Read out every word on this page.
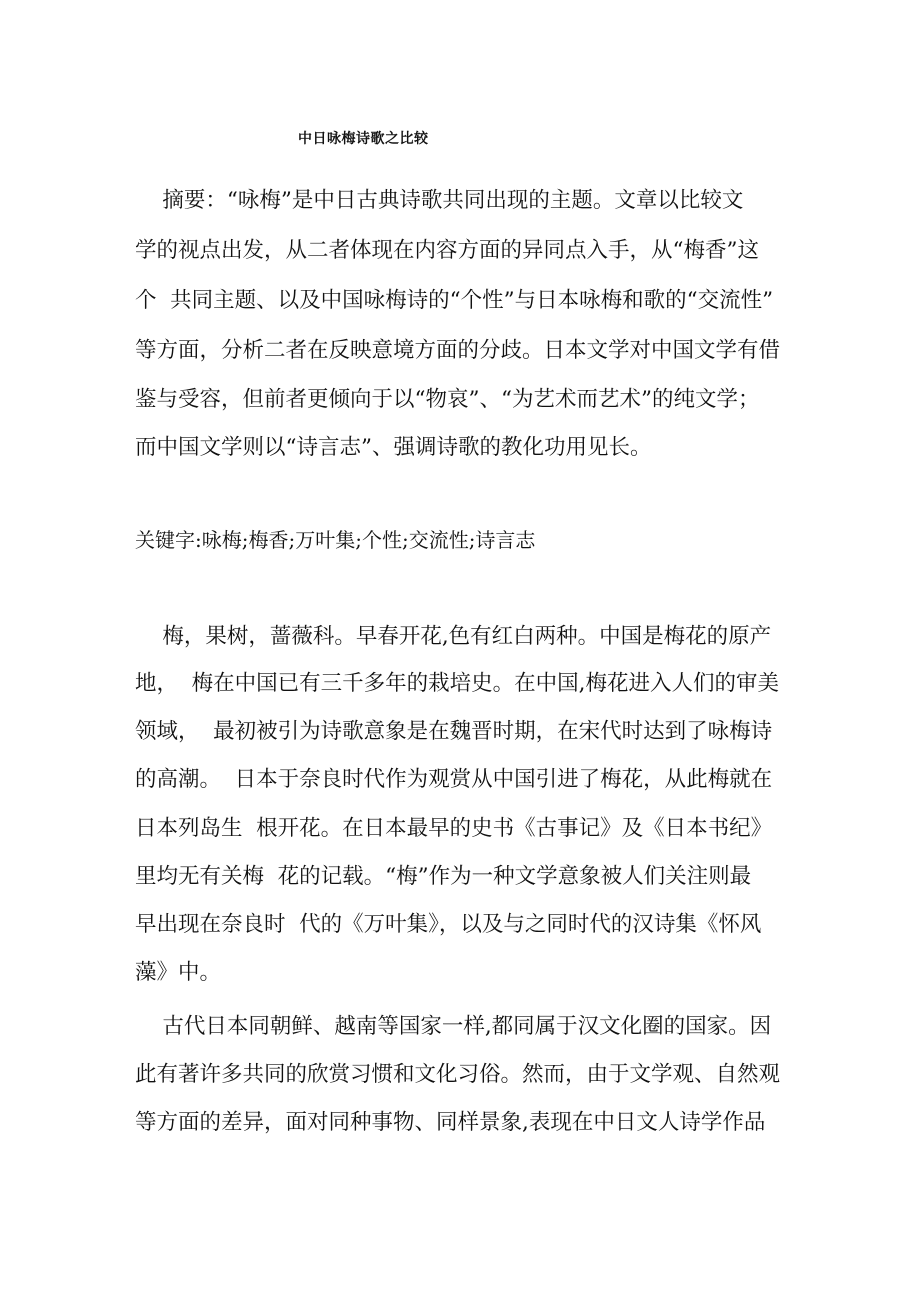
中日咏梅诗歌之比较
摘要：“咏梅”是中日古典诗歌共同出现的主题。文章以比较文
学的视点出发，从二者体现在内容方面的异同点入手，从“梅香”这
个  共同主题、以及中国咏梅诗的“个性”与日本咏梅和歌的“交流性”
等方面，分析二者在反映意境方面的分歧。日本文学对中国文学有借
鉴与受容，但前者更倾向于以“物哀”、“为艺术而艺术”的纯文学；
而中国文学则以“诗言志”、强调诗歌的教化功用见长。
关键字:咏梅;梅香;万叶集;个性;交流性;诗言志
梅，果树，蔷薇科。早春开花,色有红白两种。中国是梅花的原产
地，  梅在中国已有三千多年的栽培史。在中国,梅花进入人们的审美
领域，  最初被引为诗歌意象是在魏晋时期，在宋代时达到了咏梅诗
的高潮。  日本于奈良时代作为观赏从中国引进了梅花，从此梅就在
日本列岛生  根开花。在日本最早的史书《古事记》及《日本书纪》
里均无有关梅  花的记载。“梅”作为一种文学意象被人们关注则最
早出现在奈良时  代的《万叶集》，以及与之同时代的汉诗集《怀风
藻》中。
古代日本同朝鲜、越南等国家一样,都同属于汉文化圈的国家。因
此有著许多共同的欣赏习惯和文化习俗。然而，由于文学观、自然观
等方面的差异，面对同种事物、同样景象,表现在中日文人诗学作品
